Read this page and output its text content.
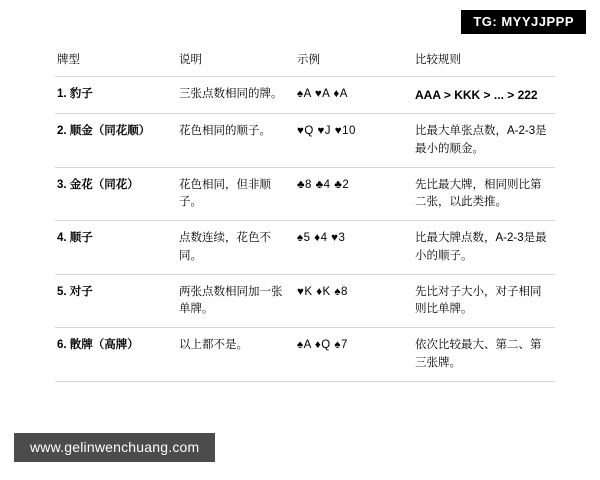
TG: MYYJJPPP
牌型	说明	示例	比较规则
1. 豹子	三张点数相同的牌。	♠A ♥A ♦A	AAA > KKK > ... > 222
2. 顺金（同花顺）	花色相同的顺子。	♥Q ♥J ♥10	比最大单张点数，A-2-3是最小的顺金。
3. 金花（同花）	花色相同，但非顺子。	♣8 ♣4 ♣2	先比最大牌，相同则比第二张，以此类推。
4. 顺子	点数连续，花色不同。	♠5 ♦4 ♥3	比最大牌点数，A-2-3是最小的顺子。
5. 对子	两张点数相同加一张单牌。	♥K ♦K ♠8	先比对子大小，对子相同则比单牌。
6. 散牌（高牌）	以上都不是。	♠A ♦Q ♠7	依次比较最大、第二、第三张牌。
www.gelinwenchuang.com
